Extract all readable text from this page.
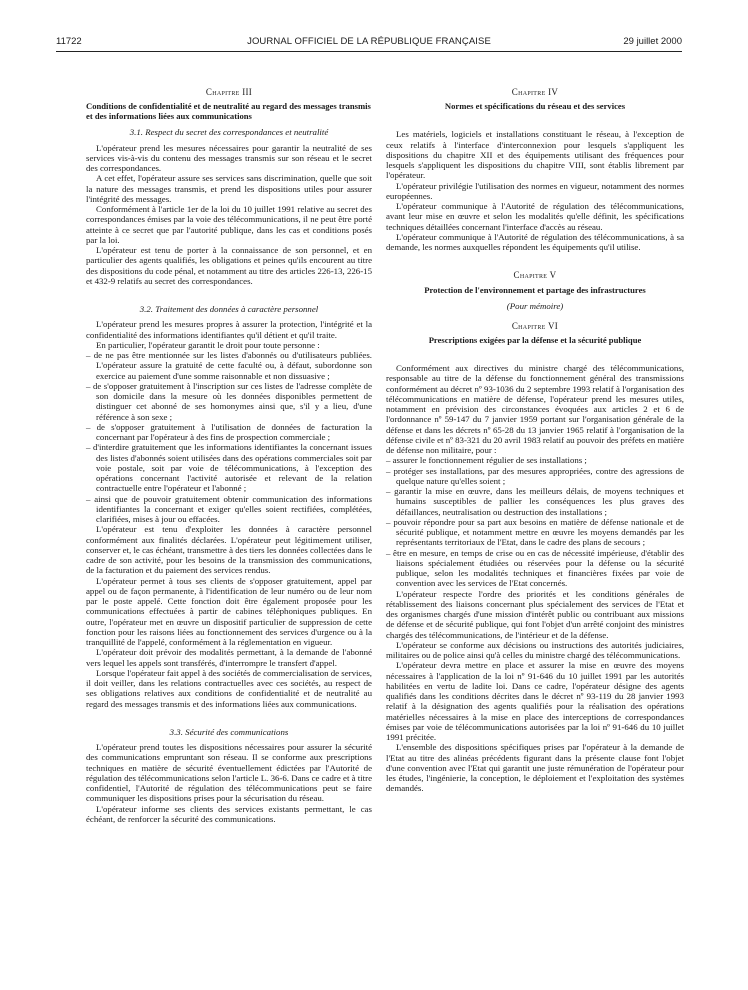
11722	JOURNAL OFFICIEL DE LA RÉPUBLIQUE FRANÇAISE	29 juillet 2000
Chapitre III
Conditions de confidentialité et de neutralité au regard des messages transmis et des informations liées aux communications
3.1. Respect du secret des correspondances et neutralité

L'opérateur prend les mesures nécessaires pour garantir la neutralité de ses services vis-à-vis du contenu des messages transmis sur son réseau et le secret des correspondances.

A cet effet, l'opérateur assure ses services sans discrimination, quelle que soit la nature des messages transmis, et prend les dispositions utiles pour assurer l'intégrité des messages.

Conformément à l'article 1er de la loi du 10 juillet 1991 relative au secret des correspondances émises par la voie des télécommunications, il ne peut être porté atteinte à ce secret que par l'autorité publique, dans les cas et conditions posés par la loi.

L'opérateur est tenu de porter à la connaissance de son personnel, et en particulier des agents qualifiés, les obligations et peines qu'ils encourent au titre des dispositions du code pénal, et notamment au titre des articles 226-13, 226-15 et 432-9 relatifs au secret des correspondances.

3.2. Traitement des données à caractère personnel

L'opérateur prend les mesures propres à assurer la protection, l'intégrité et la confidentialité des informations identifiantes qu'il détient et qu'il traite.

En particulier, l'opérateur garantit le droit pour toute personne :

– de ne pas être mentionnée sur les listes d'abonnés ou d'utilisateurs publiées. L'opérateur assure la gratuité de cette faculté ou, à défaut, subordonne son exercice au paiement d'une somme raisonnable et non dissuasive ;
– de s'opposer gratuitement à l'inscription sur ces listes de l'adresse complète de son domicile dans la mesure où les données disponibles permettent de distinguer cet abonné de ses homonymes ainsi que, s'il y a lieu, d'une référence à son sexe ;
– de s'opposer gratuitement à l'utilisation de données de facturation la concernant par l'opérateur à des fins de prospection commerciale ;
– d'interdire gratuitement que les informations identifiantes la concernant issues des listes d'abonnés soient utilisées dans des opérations commerciales soit par voie postale, soit par voie de télécommunications, à l'exception des opérations concernant l'activité autorisée et relevant de la relation contractuelle entre l'opérateur et l'abonné ;
– ainsi que de pouvoir gratuitement obtenir communication des informations identifiantes la concernant et exiger qu'elles soient rectifiées, complétées, clarifiées, mises à jour ou effacées.

L'opérateur est tenu d'exploiter les données à caractère personnel conformément aux finalités déclarées. L'opérateur peut légitimement utiliser, conserver et, le cas échéant, transmettre à des tiers les données collectées dans le cadre de son activité, pour les besoins de la transmission des communications, de la facturation et du paiement des services rendus.

L'opérateur permet à tous ses clients de s'opposer gratuitement, appel par appel ou de façon permanente, à l'identification de leur numéro ou de leur nom par le poste appelé. Cette fonction doit être également proposée pour les communications effectuées à partir de cabines téléphoniques publiques. En outre, l'opérateur met en œuvre un dispositif particulier de suppression de cette fonction pour les raisons liées au fonctionnement des services d'urgence ou à la tranquillité de l'appelé, conformément à la réglementation en vigueur.

L'opérateur doit prévoir des modalités permettant, à la demande de l'abonné vers lequel les appels sont transférés, d'interrompre le transfert d'appel.

Lorsque l'opérateur fait appel à des sociétés de commercialisation de services, il doit veiller, dans les relations contractuelles avec ces sociétés, au respect de ses obligations relatives aux conditions de confidentialité et de neutralité au regard des messages transmis et des informations liées aux communications.

3.3. Sécurité des communications

L'opérateur prend toutes les dispositions nécessaires pour assurer la sécurité des communications empruntant son réseau. Il se conforme aux prescriptions techniques en matière de sécurité éventuellement édictées par l'Autorité de régulation des télécommunications selon l'article L. 36-6. Dans ce cadre et à titre confidentiel, l'Autorité de régulation des télécommunications peut se faire communiquer les dispositions prises pour la sécurisation du réseau.

L'opérateur informe ses clients des services existants permettant, le cas échéant, de renforcer la sécurité des communications.

Chapitre IV
Normes et spécifications du réseau et des services

Les matériels, logiciels et installations constituant le réseau, à l'exception de ceux relatifs à l'interface d'interconnexion pour lesquels s'appliquent les dispositions du chapitre XII et des équipements utilisant des fréquences pour lesquels s'appliquent les dispositions du chapitre VIII, sont établis librement par l'opérateur.

L'opérateur privilégie l'utilisation des normes en vigueur, notamment des normes européennes.

L'opérateur communique à l'Autorité de régulation des télécommunications, avant leur mise en œuvre et selon les modalités qu'elle définit, les spécifications techniques détaillées concernant l'interface d'accès au réseau.

L'opérateur communique à l'Autorité de régulation des télécommunications, à sa demande, les normes auxquelles répondent les équipements qu'il utilise.

Chapitre V
Protection de l'environnement et partage des infrastructures
(Pour mémoire)
Chapitre VI
Prescriptions exigées par la défense et la sécurité publique

Conformément aux directives du ministre chargé des télécommunications, responsable au titre de la défense du fonctionnement général des transmissions conformément au décret nº 93-1036 du 2 septembre 1993 relatif à l'organisation des télécommunications en matière de défense, l'opérateur prend les mesures utiles, notamment en prévision des circonstances évoquées aux articles 2 et 6 de l'ordonnance nº 59-147 du 7 janvier 1959 portant sur l'organisation générale de la défense et dans les décrets nº 65-28 du 13 janvier 1965 relatif à l'organisation de la défense civile et nº 83-321 du 20 avril 1983 relatif au pouvoir des préfets en matière de défense non militaire, pour :

– assurer le fonctionnement régulier de ses installations ;
– protéger ses installations, par des mesures appropriées, contre des agressions de quelque nature qu'elles soient ;
– garantir la mise en œuvre, dans les meilleurs délais, de moyens techniques et humains susceptibles de pallier les conséquences les plus graves des défaillances, neutralisation ou destruction des installations ;
– pouvoir répondre pour sa part aux besoins en matière de défense nationale et de sécurité publique, et notamment mettre en œuvre les moyens demandés par les représentants territoriaux de l'Etat, dans le cadre des plans de secours ;
– être en mesure, en temps de crise ou en cas de nécessité impérieuse, d'établir des liaisons spécialement étudiées ou réservées pour la défense ou la sécurité publique, selon les modalités techniques et financières fixées par voie de convention avec les services de l'Etat concernés.

L'opérateur respecte l'ordre des priorités et les conditions générales de rétablissement des liaisons concernant plus spécialement des services de l'Etat et des organismes chargés d'une mission d'intérêt public ou contribuant aux missions de défense et de sécurité publique, qui font l'objet d'un arrêté conjoint des ministres chargés des télécommunications, de l'intérieur et de la défense.

L'opérateur se conforme aux décisions ou instructions des autorités judiciaires, militaires ou de police ainsi qu'à celles du ministre chargé des télécommunications.

L'opérateur devra mettre en place et assurer la mise en œuvre des moyens nécessaires à l'application de la loi nº 91-646 du 10 juillet 1991 par les autorités habilitées en vertu de ladite loi. Dans ce cadre, l'opérateur désigne des agents qualifiés dans les conditions décrites dans le décret nº 93-119 du 28 janvier 1993 relatif à la désignation des agents qualifiés pour la réalisation des opérations matérielles nécessaires à la mise en place des interceptions de correspondances émises par voie de télécommunications autorisées par la loi nº 91-646 du 10 juillet 1991 précitée.

L'ensemble des dispositions spécifiques prises par l'opérateur à la demande de l'Etat au titre des alinéas précédents figurant dans la présente clause font l'objet d'une convention avec l'Etat qui garantit une juste rémunération de l'opérateur pour les études, l'ingénierie, la conception, le déploiement et l'exploitation des systèmes demandés.
